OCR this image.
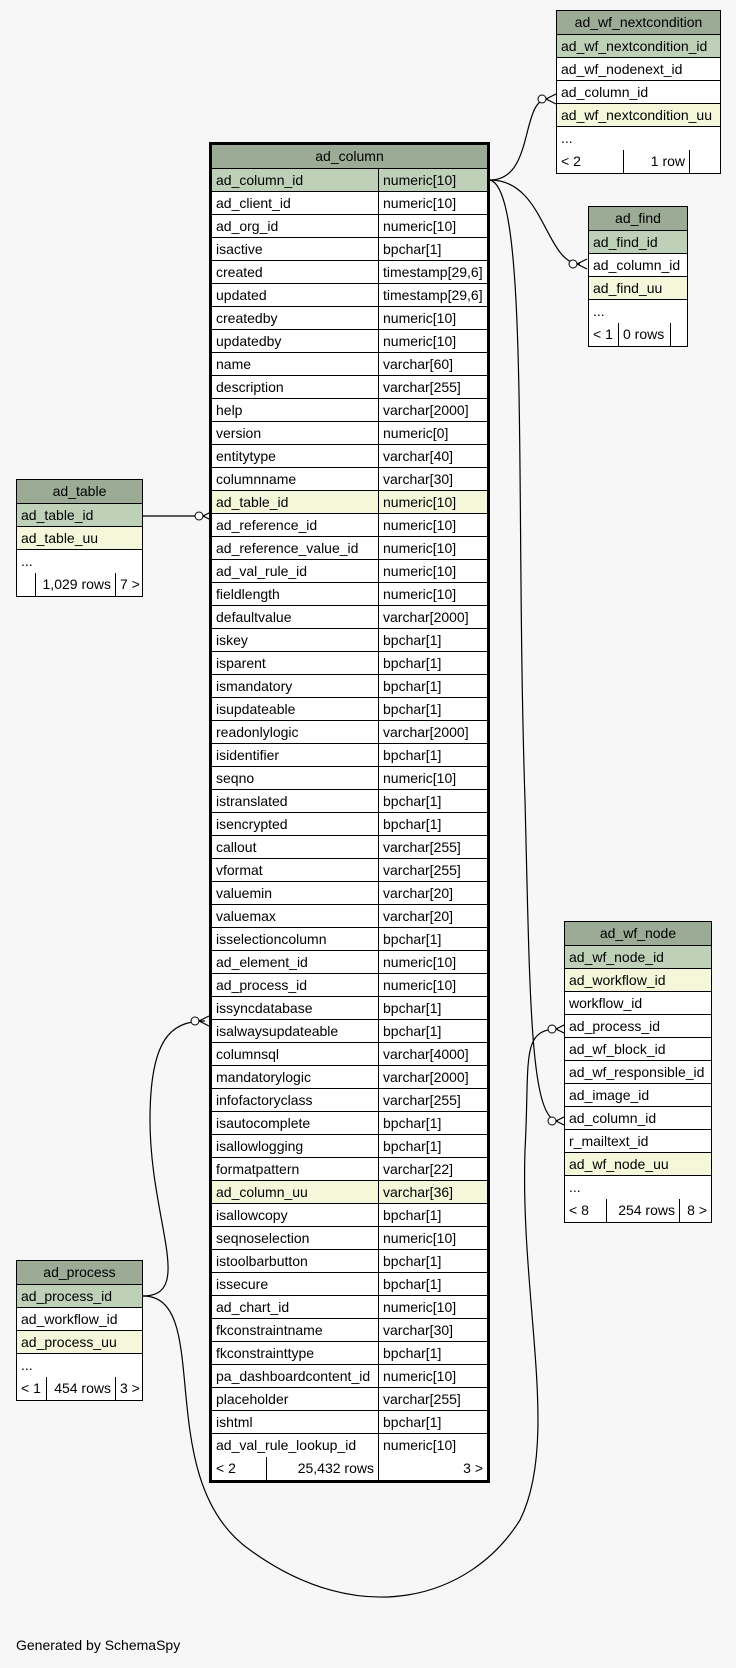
ad_column
ad_column_id	numeric[10]
ad_client_id	numeric[10]
ad_org_id	numeric[10]
isactive	bpchar[1]
created	timestamp[29,6]
updated	timestamp[29,6]
createdby	numeric[10]
updatedby	numeric[10]
name	varchar[60]
description	varchar[255]
help	varchar[2000]
version	numeric[0]
entitytype	varchar[40]
columnname	varchar[30]
ad_table_id	numeric[10]
ad_reference_id	numeric[10]
ad_reference_value_id	numeric[10]
ad_val_rule_id	numeric[10]
fieldlength	numeric[10]
defaultvalue	varchar[2000]
iskey	bpchar[1]
isparent	bpchar[1]
ismandatory	bpchar[1]
isupdateable	bpchar[1]
readonlylogic	varchar[2000]
isidentifier	bpchar[1]
seqno	numeric[10]
istranslated	bpchar[1]
isencrypted	bpchar[1]
callout	varchar[255]
vformat	varchar[255]
valuemin	varchar[20]
valuemax	varchar[20]
isselectioncolumn	bpchar[1]
ad_element_id	numeric[10]
ad_process_id	numeric[10]
issyncdatabase	bpchar[1]
isalwaysupdateable	bpchar[1]
columnsql	varchar[4000]
mandatorylogic	varchar[2000]
infofactoryclass	varchar[255]
isautocomplete	bpchar[1]
isallowlogging	bpchar[1]
formatpattern	varchar[22]
ad_column_uu	varchar[36]
isallowcopy	bpchar[1]
seqnoselection	numeric[10]
istoolbarbutton	bpchar[1]
issecure	bpchar[1]
ad_chart_id	numeric[10]
fkconstraintname	varchar[30]
fkconstrainttype	bpchar[1]
pa_dashboardcontent_id numeric[10]
placeholder	varchar[255]
ishtml	bpchar[1]
ad_val_rule_lookup_id	numeric[10]
< 2	25,432 rows	3 >
ad_wf_nextcondition
ad_wf_nextcondition_id
ad_wf_nodenext_id
ad_column_id
ad_wf_nextcondition_uu
...
< 2	1 row
ad_find
ad_find_id
ad_column_id
ad_find_uu
...
< 1 0 rows
ad_table
ad_table_id
ad_table_uu
...
1,029 rows 7 >
ad_wf_node
ad_wf_node_id
ad_workflow_id
workflow_id
ad_process_id
ad_wf_block_id
ad_wf_responsible_id
ad_image_id
ad_column_id
r_mailtext_id
ad_wf_node_uu
...
< 8	254 rows 8 >
ad_process
ad_process_id
ad_workflow_id
ad_process_uu
...
< 1 454 rows 3 >
Generated by SchemaSpy
